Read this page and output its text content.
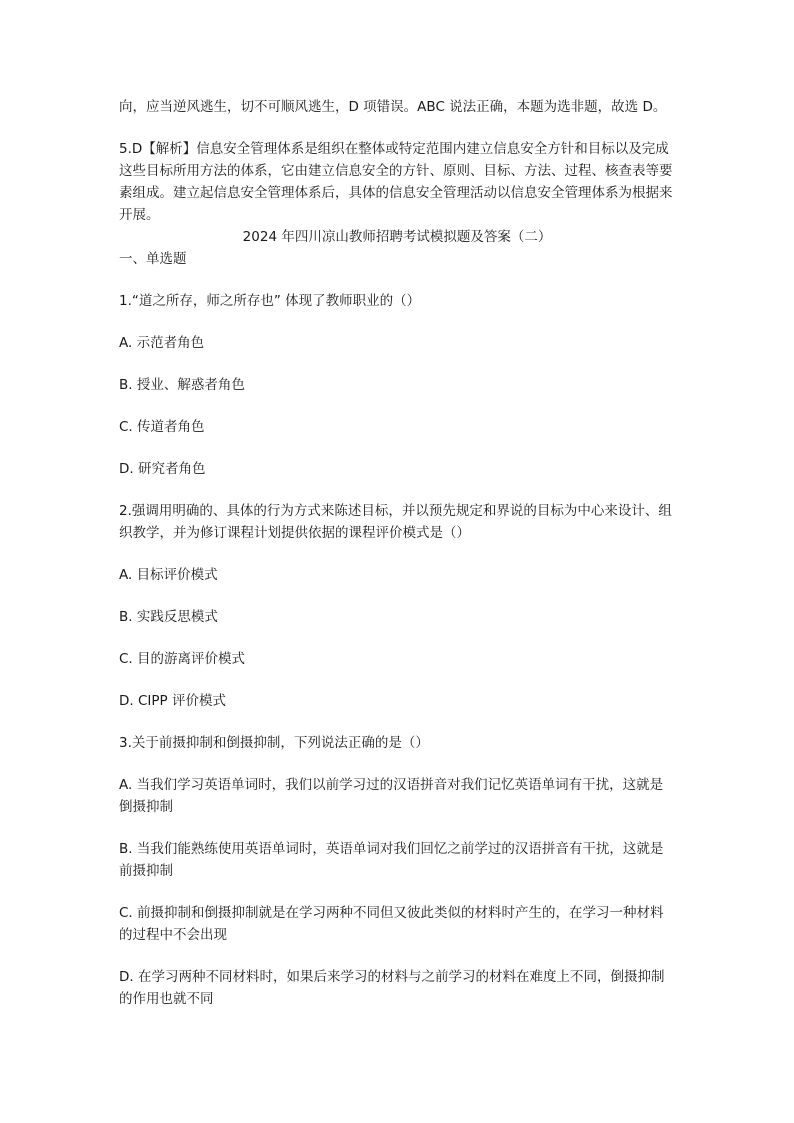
向，应当逆风逃生，切不可顺风逃生，D 项错误。ABC 说法正确，本题为选非题，故选 D。

5.D【解析】信息安全管理体系是组织在整体或特定范围内建立信息安全方针和目标以及完成这些目标所用方法的体系，它由建立信息安全的方针、原则、目标、方法、过程、核查表等要素组成。建立起信息安全管理体系后，具体的信息安全管理活动以信息安全管理体系为根据来开展。

2024 年四川凉山教师招聘考试模拟题及答案（二）

一、单选题

1.“道之所存，师之所存也” 体现了教师职业的（）

A. 示范者角色

B. 授业、解惑者角色

C. 传道者角色

D. 研究者角色

2.强调用明确的、具体的行为方式来陈述目标，并以预先规定和界说的目标为中心来设计、组织教学，并为修订课程计划提供依据的课程评价模式是（）

A. 目标评价模式

B. 实践反思模式

C. 目的游离评价模式

D. CIPP 评价模式

3.关于前摄抑制和倒摄抑制，下列说法正确的是（）

A. 当我们学习英语单词时，我们以前学习过的汉语拼音对我们记忆英语单词有干扰，这就是倒摄抑制

B. 当我们能熟练使用英语单词时，英语单词对我们回忆之前学过的汉语拼音有干扰，这就是前摄抑制

C. 前摄抑制和倒摄抑制就是在学习两种不同但又彼此类似的材料时产生的，在学习一种材料的过程中不会出现

D. 在学习两种不同材料时，如果后来学习的材料与之前学习的材料在难度上不同，倒摄抑制的作用也就不同
